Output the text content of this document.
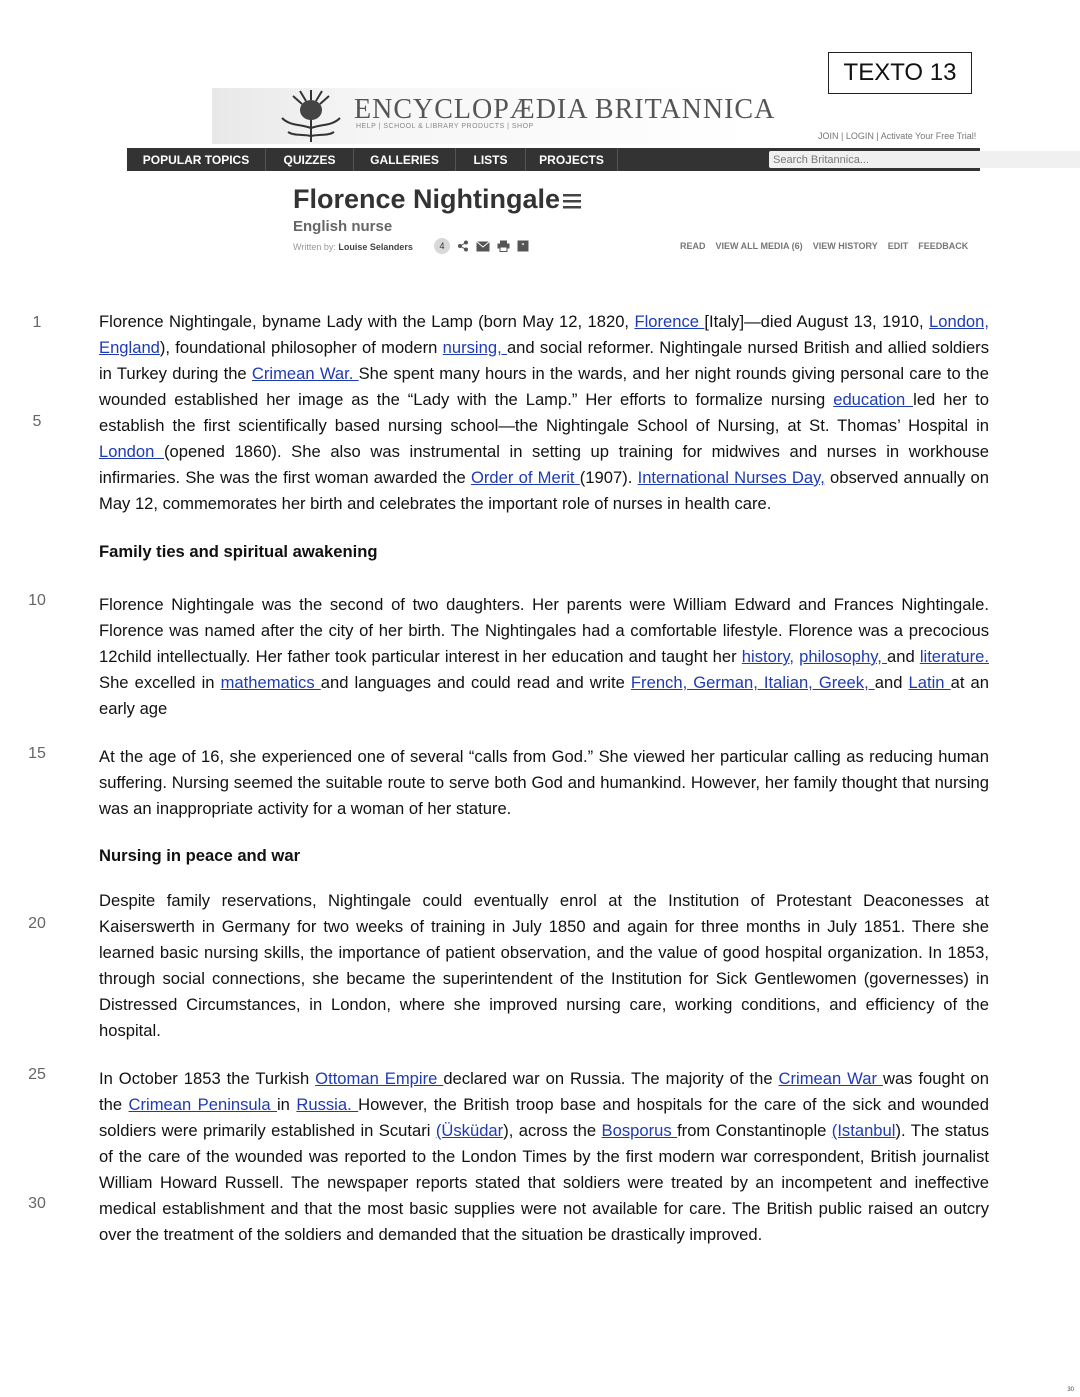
TEXTO 13
ENCYCLOPÆDIA BRITANNICA
HELP | SCHOOL & LIBRARY PRODUCTS | SHOP
JOIN | LOGIN | Activate Your Free Trial!
POPULAR TOPICS	QUIZZES	GALLERIES	LISTS	PROJECTS
Search Britannica...
Florence Nightingale
English nurse
Written by: Louise Selanders	4	"	READ VIEW ALL MEDIA (6) VIEW HISTORY EDIT FEEDBACK
1
5
10
15
20
25
30
Florence Nightingale, byname Lady with the Lamp (born May 12, 1820, Florence [Italy]—died August 13, 1910, London, England), foundational philosopher of modern nursing, and social reformer. Nightingale nursed British and allied soldiers in Turkey during the Crimean War. She spent many hours in the wards, and her night rounds giving personal care to the wounded established her image as the “Lady with the Lamp.” Her efforts to formalize nursing education led her to establish the first scientifically based nursing school—the Nightingale School of Nursing, at St. Thomas’ Hospital in London (opened 1860). She also was instrumental in setting up training for midwives and nurses in workhouse infirmaries. She was the first woman awarded the Order of Merit (1907). International Nurses Day, observed annually on May 12, commemorates her birth and celebrates the important role of nurses in health care.
Family ties and spiritual awakening
Florence Nightingale was the second of two daughters. Her parents were William Edward and Frances Nightingale. Florence was named after the city of her birth. The Nightingales had a comfortable lifestyle. Florence was a precocious 12child intellectually. Her father took particular interest in her education and taught her history, philosophy, and literature. She excelled in mathematics and languages and could read and write French, German, Italian, Greek, and Latin at an early age
At the age of 16, she experienced one of several “calls from God.” She viewed her particular calling as reducing human suffering. Nursing seemed the suitable route to serve both God and humankind. However, her family thought that nursing was an inappropriate activity for a woman of her stature.
Nursing in peace and war
Despite family reservations, Nightingale could eventually enrol at the Institution of Protestant Deaconesses at Kaiserswerth in Germany for two weeks of training in July 1850 and again for three months in July 1851. There she learned basic nursing skills, the importance of patient observation, and the value of good hospital organization. In 1853, through social connections, she became the superintendent of the Institution for Sick Gentlewomen (governesses) in Distressed Circumstances, in London, where she improved nursing care, working conditions, and efficiency of the hospital.
In October 1853 the Turkish Ottoman Empire declared war on Russia. The majority of the Crimean War was fought on the Crimean Peninsula in Russia. However, the British troop base and hospitals for the care of the sick and wounded soldiers were primarily established in Scutari (Üsküdar), across the Bosporus from Constantinople (Istanbul). The status of the care of the wounded was reported to the London Times by the first modern war correspondent, British journalist William Howard Russell. The newspaper reports stated that soldiers were treated by an incompetent and ineffective medical establishment and that the most basic supplies were not available for care. The British public raised an outcry over the treatment of the soldiers and demanded that the situation be drastically improved.
30
